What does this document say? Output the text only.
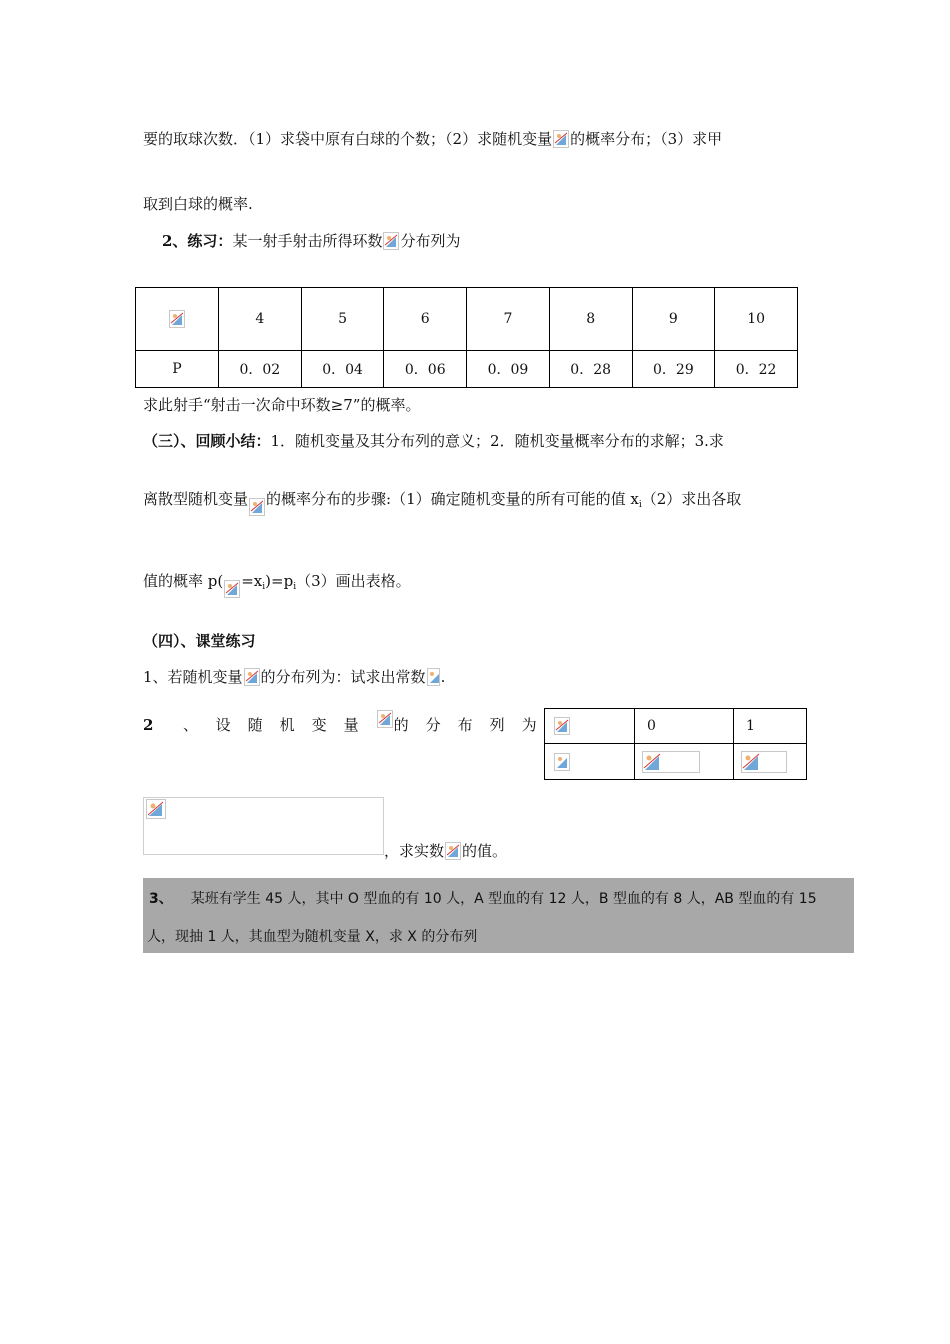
要的取球次数．（1）求袋中原有白球的个数；（2）求随机变量 的概率分布；（3）求甲
取到白球的概率.
2、练习：某一射手射击所得环数 分布列为
	4	5	6	7	8	9	10
P	0．02	0．04	0．06	0．09	0．28	0．29	0．22
求此射手“射击一次命中环数≥7”的概率。
（三）、回顾小结：1．随机变量及其分布列的意义；2．随机变量概率分布的求解；3.求
离散型随机变量 的概率分布的步骤:（1）确定随机变量的所有可能的值 $x_i(2)$求出各取
值的概率 $p( =x_i)=p_i(3)$画出表格。
（四）、课堂练习
1、若随机变量 的分布列为：试求出常数 .
2 、 设随机变量 的分布列为
		0	1

，求实数 的值。
3、 某班有学生 45 人，其中 O 型血的有 10 人，A 型血的有 12 人，B 型血的有 8 人，AB 型血的有 15
人，现抽 1 人，其血型为随机变量 X，求 X 的分布列
